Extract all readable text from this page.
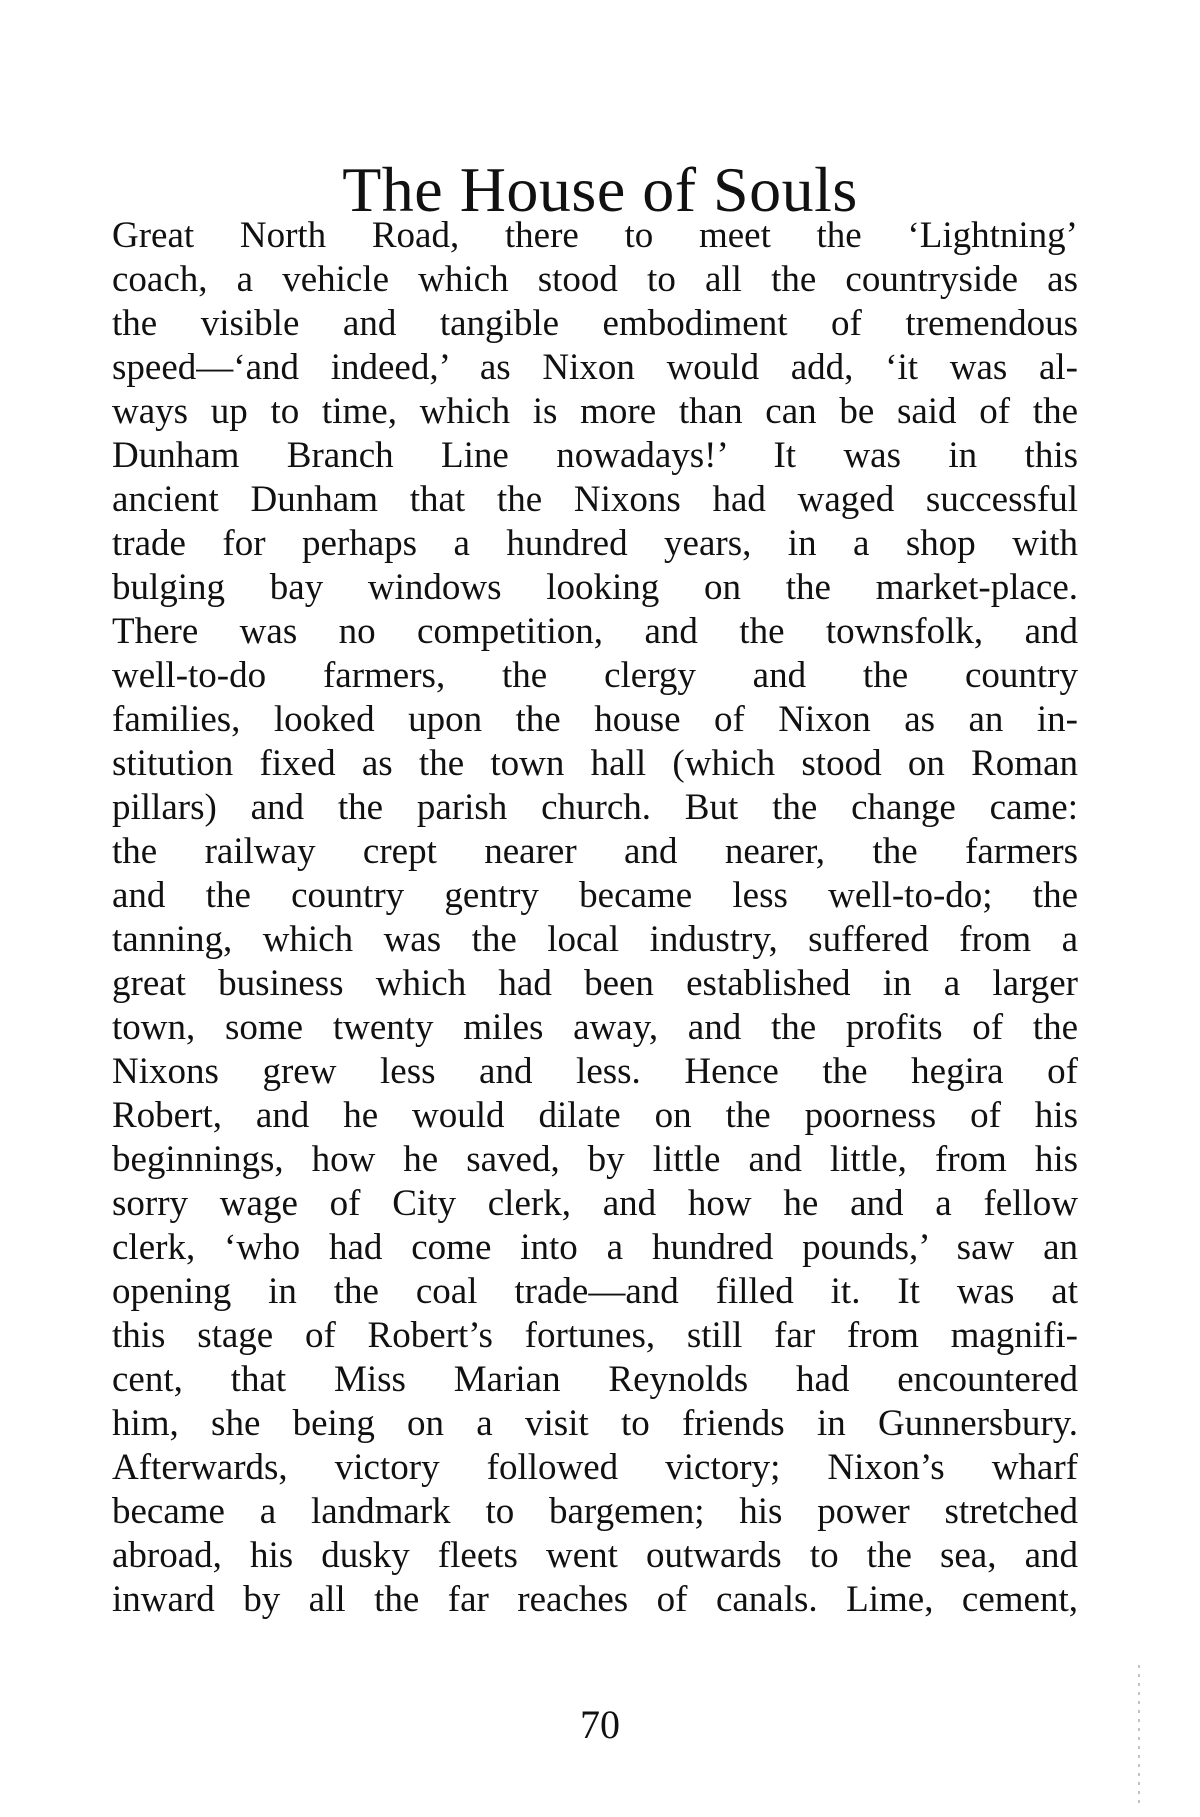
The House of Souls
Great North Road, there to meet the ‘Lightning’
coach, a vehicle which stood to all the countryside as
the visible and tangible embodiment of tremendous
speed—‘and indeed,’ as Nixon would add, ‘it was al-
ways up to time, which is more than can be said of the
Dunham Branch Line nowadays!’ It was in this
ancient Dunham that the Nixons had waged successful
trade for perhaps a hundred years, in a shop with
bulging bay windows looking on the market-place.
There was no competition, and the townsfolk, and
well-to-do farmers, the clergy and the country
families, looked upon the house of Nixon as an in-
stitution fixed as the town hall (which stood on Roman
pillars) and the parish church. But the change came:
the railway crept nearer and nearer, the farmers
and the country gentry became less well-to-do; the
tanning, which was the local industry, suffered from a
great business which had been established in a larger
town, some twenty miles away, and the profits of the
Nixons grew less and less. Hence the hegira of
Robert, and he would dilate on the poorness of his
beginnings, how he saved, by little and little, from his
sorry wage of City clerk, and how he and a fellow
clerk, ‘who had come into a hundred pounds,’ saw an
opening in the coal trade—and filled it. It was at
this stage of Robert’s fortunes, still far from magnifi-
cent, that Miss Marian Reynolds had encountered
him, she being on a visit to friends in Gunnersbury.
Afterwards, victory followed victory; Nixon’s wharf
became a landmark to bargemen; his power stretched
abroad, his dusky fleets went outwards to the sea, and
inward by all the far reaches of canals. Lime, cement,
70
